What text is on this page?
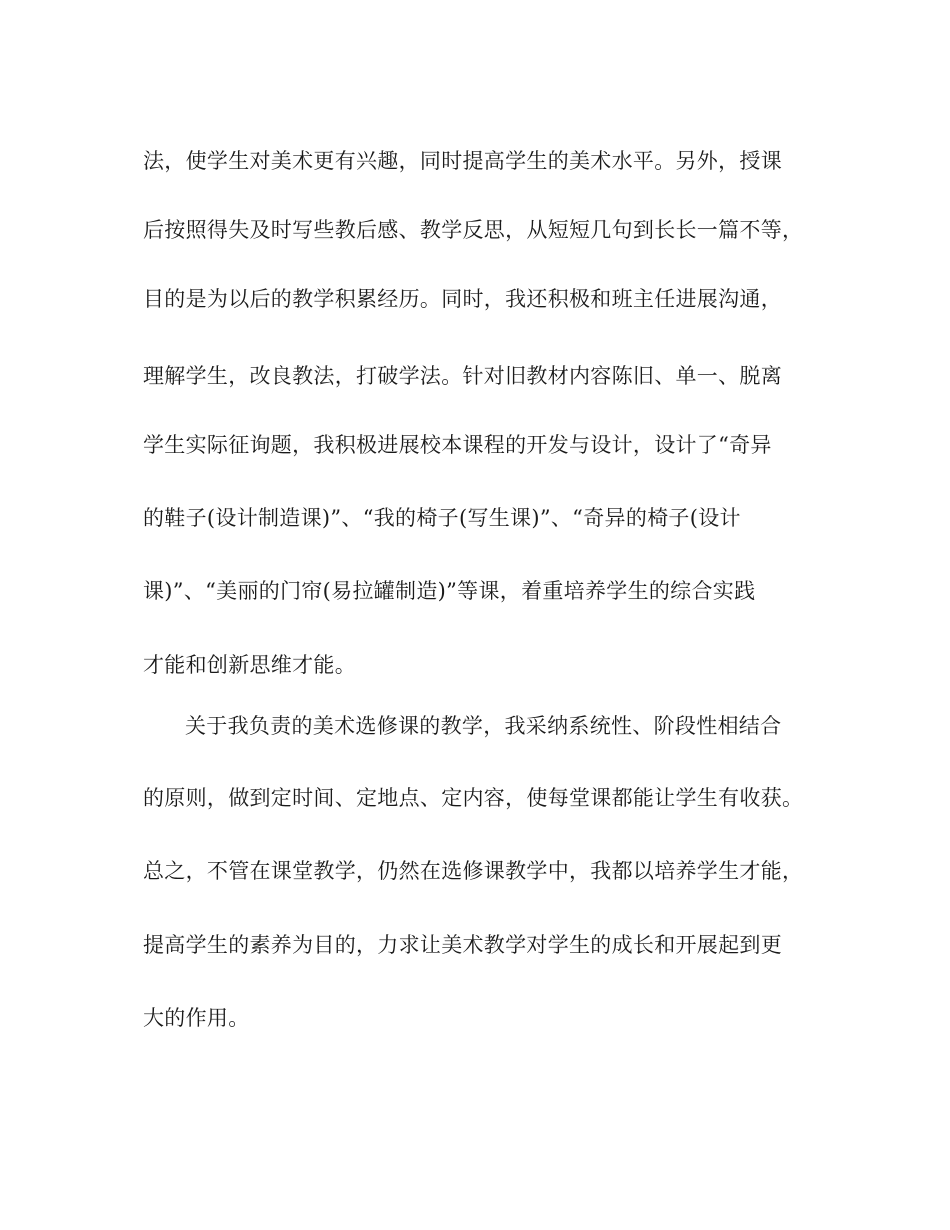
法，使学生对美术更有兴趣，同时提高学生的美术水平。另外，授课
后按照得失及时写些教后感、教学反思，从短短几句到长长一篇不等，
目的是为以后的教学积累经历。同时，我还积极和班主任进展沟通，
理解学生，改良教法，打破学法。针对旧教材内容陈旧、单一、脱离
学生实际征询题，我积极进展校本课程的开发与设计，设计了“奇异
的鞋子(设计制造课)”、“我的椅子(写生课)”、“奇异的椅子(设计
课)”、“美丽的门帘(易拉罐制造)”等课，着重培养学生的综合实践
才能和创新思维才能。
关于我负责的美术选修课的教学，我采纳系统性、阶段性相结合
的原则，做到定时间、定地点、定内容，使每堂课都能让学生有收获。
总之，不管在课堂教学，仍然在选修课教学中，我都以培养学生才能，
提高学生的素养为目的，力求让美术教学对学生的成长和开展起到更
大的作用。
